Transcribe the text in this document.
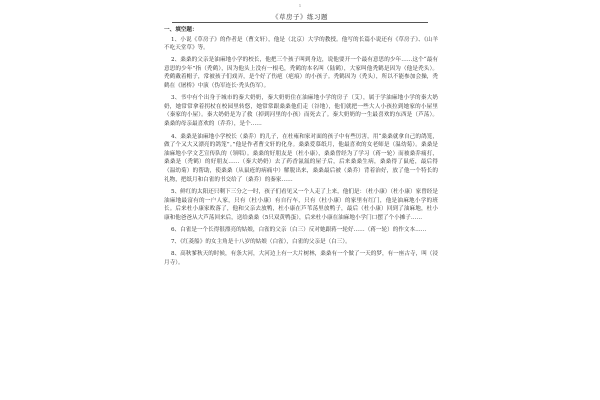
1
《草房子》练习题
一、填空题：

1、小说《草房子》的作者是（曹文轩），他是（北京）大学的教授。他写的长篇小说还有《草房子》、《山羊不吃天堂草》等。

2、桑桑的父亲是油麻地小学的校长，他把三个孩子叫到身边，说他要开一个最有意思的少年……这个“最有意思的少年”指（秃鹤），因为他头上没有一根毛，秃鹤的本名叫（陆鹤），大家叫他秃鹤是因为（他是秃头）。秃鹤戴着帽子，常被孩子们戏弄，是个好了伤疤（疤痕）的小孩子。秃鹤因为（秃头），所以不能参加会操，秃鹤在《屠桥》中演（伪军连长·秃头伪军）。

3、书中有个出身于城市的秦大奶奶，秦大奶奶住在油麻地小学的房子（艾），属于学油麻地小学的秦大奶奶，她常常拿着拐杖在校园里转悠，她常常跟桑桑他们走（谷地），他们就把一些大人小孩拉到她家的小屋里（秦家的小屋）。秦大奶奶是为了救（掉到河里的小孩）而死去了。秦大奶奶的一生最喜欢的东西是（芦荡）。桑桑的母亲最喜欢的（乔乔），是个……

4、桑桑是油麻地小学校长（桑乔）的儿子，在杜雍和家对面的孩子中有些厉害，用“桑桑就拿自己的鸽笼，做了个又大又漂亮的鸽笼”。”他是作者曹文轩的化身。桑桑爱慕纸月，他最喜欢的女老师是（温幼菊）。桑桑是油麻地小学文艺宣传队的（领唱）。桑桑的好朋友是（杜小康），桑桑曾经为了学习（蒋一轮）而被桑乔痛打，桑桑是（秃鹤）的好朋友……（秦大奶奶）去了药香氤氲的屋子后，后来桑桑生病，桑桑得了鼠疮，最后得（温幼菊）的帮助，使桑桑（从鼠疮的病痛中）解脱出来，桑桑最后被（桑乔）背着治好，放了他一个特长的礼物，把纸月和白雀的书交给了（桑乔）的秦家……

5、鲜红的太阳还只剩下三分之一时，孩子们看见又一个人走了上来，他们是：（杜小康）（杜小康）家曾经是油麻地最富有的一户人家，只有（杜小康）有自行车，只有（杜小康）的家里有红门，他是油麻地小学的班长。后来杜小康家败落了，他和父亲去放鸭，杜小康在芦苇荡里放鸭子，最后（杜小康）回到了油麻地，杜小康和他爸爸从大芦荡回来后，送给桑桑（5只双黄鸭蛋），后来杜小康在油麻地小学门口摆了个小摊子……

6、白雀是一个长得很漂亮的姑娘，白雀的父亲（白三）反对她跟蒋一轮好……（蒋一轮）的作文本……

7、《红菱船》的女主角是十八岁的姑娘（白雀），白雀的父亲是（白三）。

8、高秋爹秋天的时候，有条大河，大河边上有一大片树林，桑桑有一个做了一天的梦，有一座古寺，叫（浸月寺）。
